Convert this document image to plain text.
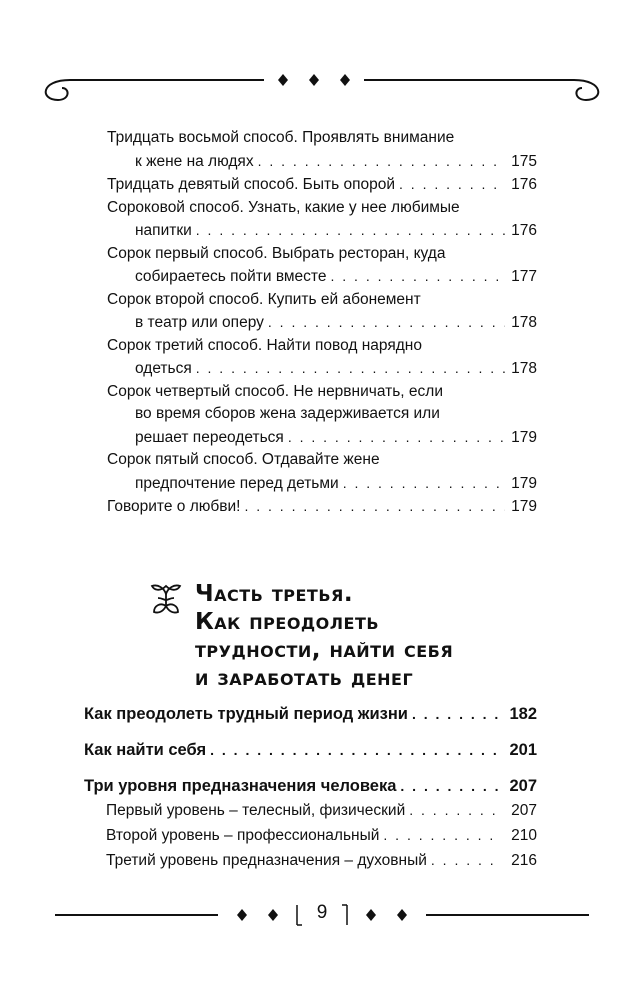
Тридцать восьмой способ. Проявлять внимание
к жене на людях . . .	175
Тридцать девятый способ. Быть опорой . . .	176
Сороковой способ. Узнать, какие у нее любимые
напитки . . .	176
Сорок первый способ. Выбрать ресторан, куда
собираетесь пойти вместе . . .	177
Сорок второй способ. Купить ей абонемент
в театр или оперу . . .	178
Сорок третий способ. Найти повод нарядно
одеться . . .	178
Сорок четвертый способ. Не нервничать, если
во время сборов жена задерживается или
решает переодеться . . .	179
Сорок пятый способ. Отдавайте жене
предпочтение перед детьми . . .	179
Говорите о любви! . . .	179
Часть третья.
Как преодолеть
трудности, найти себя
и заработать денег
Как преодолеть трудный период жизни . . .	182
Как найти себя . . .	201
Три уровня предназначения человека . . .	207
Первый уровень – телесный, физический . . .	207
Второй уровень – профессиональный . . .	210
Третий уровень предназначения – духовный . . .	216
9
